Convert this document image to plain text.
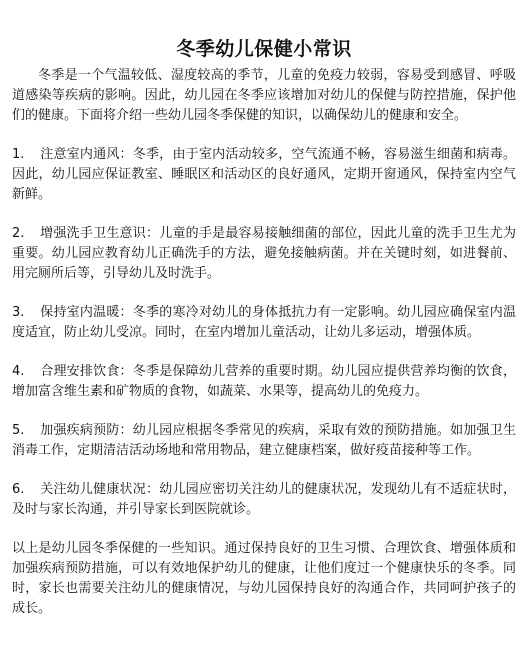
冬季幼儿保健小常识

冬季是一个气温较低、湿度较高的季节，儿童的免疫力较弱，容易受到感冒、呼吸道感染等疾病的影响。因此，幼儿园在冬季应该增加对幼儿的保健与防控措施，保护他们的健康。下面将介绍一些幼儿园冬季保健的知识，以确保幼儿的健康和安全。

1. 注意室内通风：冬季，由于室内活动较多，空气流通不畅，容易滋生细菌和病毒。因此，幼儿园应保证教室、睡眠区和活动区的良好通风，定期开窗通风，保持室内空气新鲜。

2. 增强洗手卫生意识：儿童的手是最容易接触细菌的部位，因此儿童的洗手卫生尤为重要。幼儿园应教育幼儿正确洗手的方法，避免接触病菌。并在关键时刻，如进餐前、用完厕所后等，引导幼儿及时洗手。

3. 保持室内温暖：冬季的寒冷对幼儿的身体抵抗力有一定影响。幼儿园应确保室内温度适宜，防止幼儿受凉。同时，在室内增加儿童活动，让幼儿多运动，增强体质。

4. 合理安排饮食：冬季是保障幼儿营养的重要时期。幼儿园应提供营养均衡的饮食，增加富含维生素和矿物质的食物，如蔬菜、水果等，提高幼儿的免疫力。

5. 加强疾病预防：幼儿园应根据冬季常见的疾病，采取有效的预防措施。如加强卫生消毒工作，定期清洁活动场地和常用物品，建立健康档案，做好疫苗接种等工作。

6. 关注幼儿健康状况：幼儿园应密切关注幼儿的健康状况，发现幼儿有不适症状时，及时与家长沟通，并引导家长到医院就诊。

以上是幼儿园冬季保健的一些知识。通过保持良好的卫生习惯、合理饮食、增强体质和加强疾病预防措施，可以有效地保护幼儿的健康，让他们度过一个健康快乐的冬季。同时，家长也需要关注幼儿的健康情况，与幼儿园保持良好的沟通合作，共同呵护孩子的成长。
